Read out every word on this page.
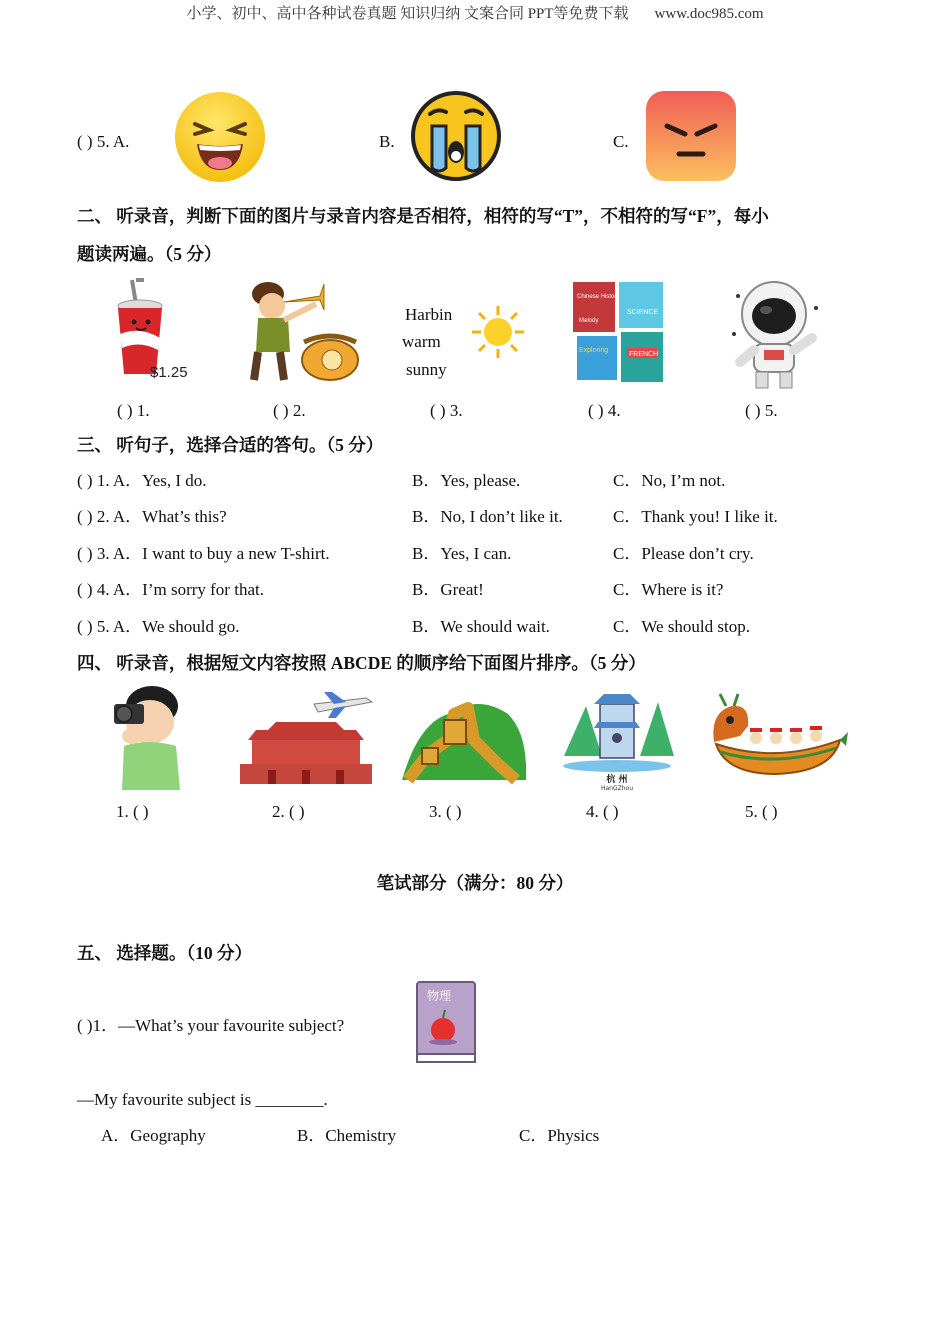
小学、初中、高中各种试卷真题 知识归纳 文案合同 PPT等免费下载 www.doc985.com
( ) 5. A.	B.	C.
二、 听录音，判断下面的图片与录音内容是否相符，相符的写“T”，不相符的写“F”，每小
题读两遍。（5 分）
$1.25
Harbin
warm
sunny
Chinese History
Melody
SCIENCE
Exploring
FRENCH
( ) 1.	( ) 2.	( ) 3.	( ) 4.	( ) 5.
三、 听句子，选择合适的答句。（5 分）
( ) 1. A．Yes, I do.	B．Yes, please.	C．No, I’m not.
( ) 2. A．What’s this?	B．No, I don’t like it.	C．Thank you! I like it.
( ) 3. A．I want to buy a new T-shirt.	B．Yes, I can.	C．Please don’t cry.
( ) 4. A．I’m sorry for that.	B．Great!	C．Where is it?
( ) 5. A．We should go.	B．We should wait.	C．We should stop.
四、 听录音，根据短文内容按照 ABCDE 的顺序给下面图片排序。（5 分）
杭 州
HanGZhou
1. ( )	2. ( )	3. ( )	4. ( )	5. ( )
笔试部分（满分：80 分）
五、 选择题。（10 分）
( )1．—What’s your favourite subject?
物理
—My favourite subject is ________.
A．Geography	B．Chemistry	C．Physics
